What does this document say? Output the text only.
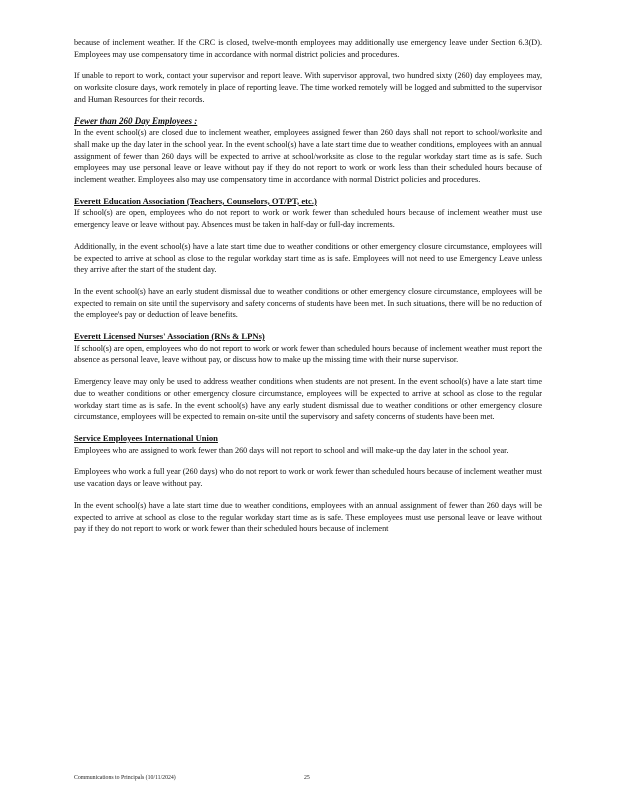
because of inclement weather. If the CRC is closed, twelve-month employees may additionally use emergency leave under Section 6.3(D). Employees may use compensatory time in accordance with normal district policies and procedures.

If unable to report to work, contact your supervisor and report leave. With supervisor approval, two hundred sixty (260) day employees may, on worksite closure days, work remotely in place of reporting leave. The time worked remotely will be logged and submitted to the supervisor and Human Resources for their records.

Fewer than 260 Day Employees :

In the event school(s) are closed due to inclement weather, employees assigned fewer than 260 days shall not report to school/worksite and shall make up the day later in the school year. In the event school(s) have a late start time due to weather conditions, employees with an annual assignment of fewer than 260 days will be expected to arrive at school/worksite as close to the regular workday start time as is safe. Such employees may use personal leave or leave without pay if they do not report to work or work less than their scheduled hours because of inclement weather. Employees also may use compensatory time in accordance with normal District policies and procedures.

Everett Education Association (Teachers, Counselors, OT/PT, etc.)

If school(s) are open, employees who do not report to work or work fewer than scheduled hours because of inclement weather must use emergency leave or leave without pay. Absences must be taken in half-day or full-day increments.

Additionally, in the event school(s) have a late start time due to weather conditions or other emergency closure circumstance, employees will be expected to arrive at school as close to the regular workday start time as is safe. Employees will not need to use Emergency Leave unless they arrive after the start of the student day.

In the event school(s) have an early student dismissal due to weather conditions or other emergency closure circumstance, employees will be expected to remain on site until the supervisory and safety concerns of students have been met. In such situations, there will be no reduction of the employee's pay or deduction of leave benefits.

Everett Licensed Nurses' Association (RNs & LPNs)

If school(s) are open, employees who do not report to work or work fewer than scheduled hours because of inclement weather must report the absence as personal leave, leave without pay, or discuss how to make up the missing time with their nurse supervisor.

Emergency leave may only be used to address weather conditions when students are not present. In the event school(s) have a late start time due to weather conditions or other emergency closure circumstance, employees will be expected to arrive at school as close to the regular workday start time as is safe. In the event school(s) have any early student dismissal due to weather conditions or other emergency closure circumstance, employees will be expected to remain on-site until the supervisory and safety concerns of students have been met.

Service Employees International Union

Employees who are assigned to work fewer than 260 days will not report to school and will make-up the day later in the school year.

Employees who work a full year (260 days) who do not report to work or work fewer than scheduled hours because of inclement weather must use vacation days or leave without pay.

In the event school(s) have a late start time due to weather conditions, employees with an annual assignment of fewer than 260 days will be expected to arrive at school as close to the regular workday start time as is safe. These employees must use personal leave or leave without pay if they do not report to work or work fewer than their scheduled hours because of inclement

Communications to Principals (10/11/2024)	25
